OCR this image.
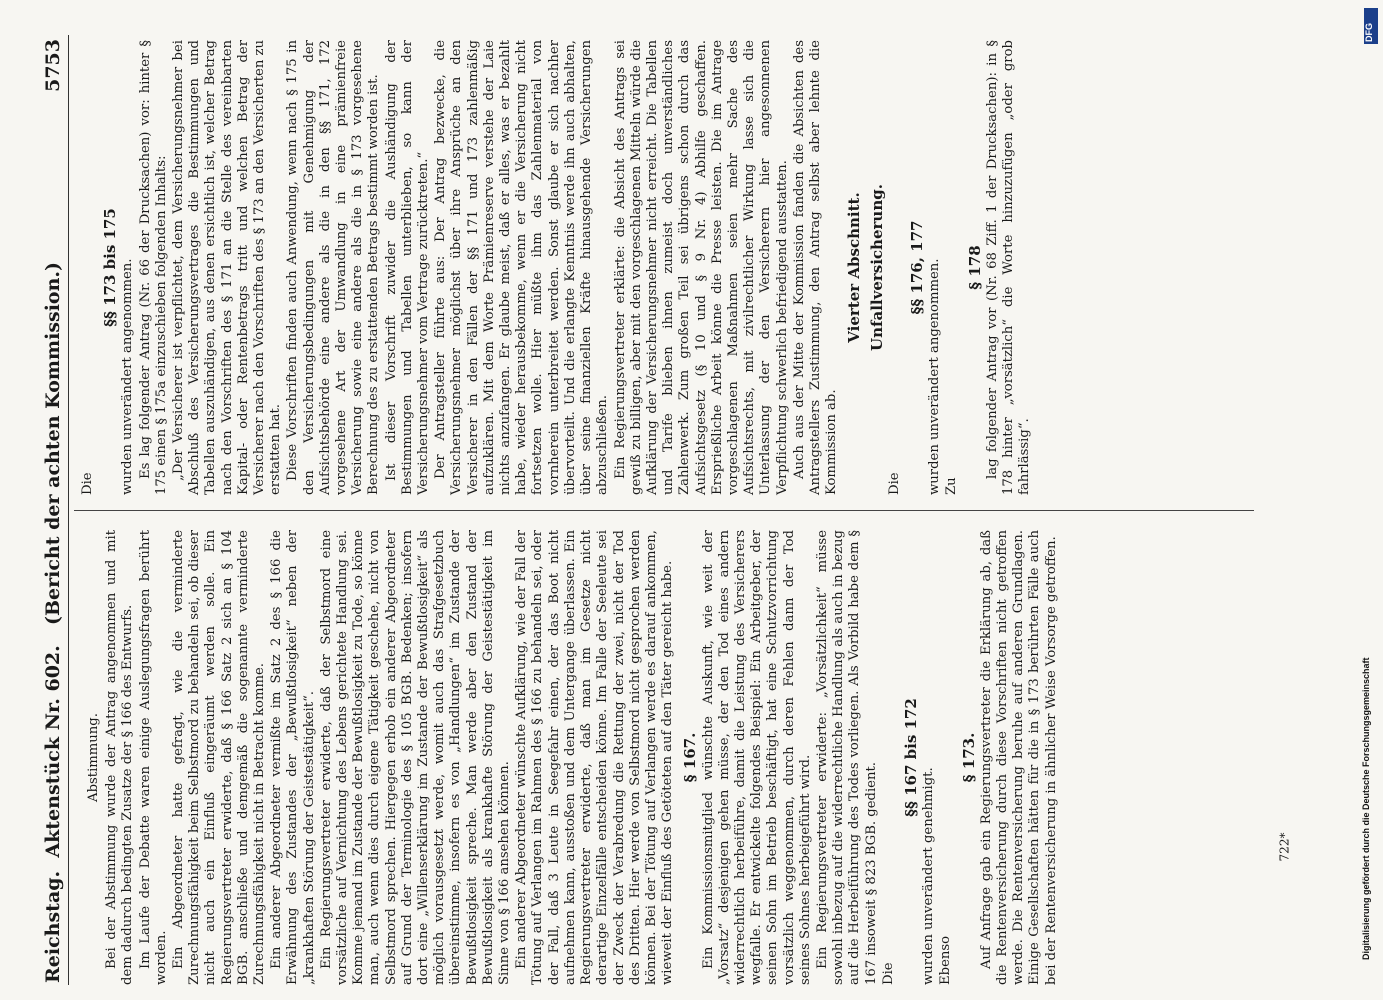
Reichstag.  Aktenstück Nr. 602.
(Bericht der achten Kommission.)
5753

Abstimmung. Bei der Abstimmung wurde der Antrag angenommen und mit dem dadurch bedingten Zusatze der § 166 des Entwurfs. Im Laufe der Debatte waren einige Auslegungsfragen berührt worden. Ein Abgeordneter hatte gefragt, wie die verminderte Zurechnungsfähigkeit beim Selbstmord zu behandeln sei, ob dieser nicht auch ein Einfluß eingeräumt werden solle. Ein Regierungsvertreter erwiderte, daß § 166 Satz 2 sich an § 104 BGB. anschließe und demgemäß die sogenannte verminderte Zurechnungsfähigkeit nicht in Betracht komme. Ein anderer Abgeordneter vermißte im Satz 2 des § 166 die Erwähnung des Zustandes der „Bewußtlosigkeit“ neben der „krankhaften Störung der Geistestätigkeit“. Ein Regierungsvertreter erwiderte, daß der Selbstmord eine vorsätzliche auf Vernichtung des Lebens gerichtete Handlung sei. Komme jemand im Zustande der Bewußtlosigkeit zu Tode, so könne man, auch wenn dies durch eigene Tätigkeit geschehe, nicht von Selbstmord sprechen. Hiergegen erhob ein anderer Abgeordneter auf Grund der Terminologie des § 105 BGB. Bedenken; insofern dort eine „Willenserklärung im Zustande der Bewußtlosigkeit“ als möglich vorausgesetzt werde, womit auch das Strafgesetzbuch übereinstimme, insofern es von „Handlungen“ im Zustande der Bewußtlosigkeit spreche. Man werde aber den Zustand der Bewußtlosigkeit als krankhafte Störung der Geistestätigkeit im Sinne von § 166 ansehen können. Ein anderer Abgeordneter wünschte Aufklärung, wie der Fall der Tötung auf Verlangen im Rahmen des § 166 zu behandeln sei, oder der Fall, daß 3 Leute in Seegefahr einen, der das Boot nicht aufnehmen kann, ausstoßen und dem Untergange überlassen. Ein Regierungsvertreter erwiderte, daß man im Gesetze nicht derartige Einzelfälle entscheiden könne. Im Falle der Seeleute sei der Zweck der Verabredung die Rettung der zwei, nicht der Tod des Dritten. Hier werde von Selbstmord nicht gesprochen werden können. Bei der Tötung auf Verlangen werde es darauf ankommen, wieweit der Einfluß des Getöteten auf den Täter gereicht habe. § 167. Ein Kommissionsmitglied wünschte Auskunft, wie weit der „Vorsatz“ desjenigen gehen müsse, der den Tod eines andern widerrechtlich herbeiführe, damit die Leistung des Versicherers wegfalle. Er entwickelte folgendes Beispiel: Ein Arbeitgeber, der seinen Sohn im Betrieb beschäftigt, hat eine Schutzvorrichtung vorsätzlich weggenommen, durch deren Fehlen dann der Tod seines Sohnes herbeigeführt wird. Ein Regierungsvertreter erwiderte: „Vorsätzlichkeit“ müsse sowohl inbezug auf die widerrechtliche Handlung als auch in bezug auf die Herbeiführung des Todes vorliegen. Als Vorbild habe dem § 167 insoweit § 823 BGB. gedient. Die

§§ 167 bis 172

wurden unverändert genehmigt. Ebenso

§ 173. Auf Anfrage gab ein Regierungsvertreter die Erklärung ab, daß die Rentenversicherung durch diese Vorschriften nicht getroffen werde. Die Rentenversicherung beruhe auf anderen Grundlagen. Einige Gesellschaften hätten für die in § 173 berührten Fälle auch bei der Rentenversicherung in ähnlicher Weise Vorsorge getroffen.

Die

§§ 173 bis 175 wurden unverändert angenommen. Es lag folgender Antrag (Nr. 66 der Drucksachen) vor: hinter § 175 einen § 175a einzuschieben folgenden Inhalts: „Der Versicherer ist verpflichtet, dem Versicherungsnehmer bei Abschluß des Versicherungsvertrages die Bestimmungen und Tabellen auszuhändigen, aus denen ersichtlich ist, welcher Betrag nach den Vorschriften des § 171 an die Stelle des vereinbarten Kapital- oder Rentenbetrags tritt und welchen Betrag der Versicherer nach den Vorschriften des § 173 an den Versicherten zu erstatten hat. Diese Vorschriften finden auch Anwendung, wenn nach § 175 in den Versicherungsbedingungen mit Genehmigung der Aufsichtsbehörde eine andere als die in den §§ 171, 172 vorgesehene Art der Umwandlung in eine prämienfreie Versicherung sowie eine andere als die in § 173 vorgesehene Berechnung des zu erstattenden Betrags bestimmt worden ist. Ist dieser Vorschrift zuwider die Aushändigung der Bestimmungen und Tabellen unterblieben, so kann der Versicherungsnehmer vom Vertrage zurücktreten.“ Der Antragsteller führte aus: Der Antrag bezwecke, die Versicherungsnehmer möglichst über ihre Ansprüche an den Versicherer in den Fällen der §§ 171 und 173 zahlenmäßig aufzuklären. Mit dem Worte Prämienreserve verstehe der Laie nichts anzufangen. Er glaube meist, daß er alles, was er bezahlt habe, wieder herausbekomme, wenn er die Versicherung nicht fortsetzen wolle. Hier müßte ihm das Zahlenmaterial von vornherein unterbreitet werden. Sonst glaube er sich nachher übervorteilt. Und die erlangte Kenntnis werde ihn auch abhalten, über seine finanziellen Kräfte hinausgehende Versicherungen abzuschließen. Ein Regierungsvertreter erklärte: die Absicht des Antrags sei gewiß zu billigen, aber mit den vorgeschlagenen Mitteln würde die Aufklärung der Versicherungsnehmer nicht erreicht. Die Tabellen und Tarife blieben ihnen zumeist doch unverständliches Zahlenwerk. Zum großen Teil sei übrigens schon durch das Aufsichtsgesetz (§ 10 und § 9 Nr. 4) Abhilfe geschaffen. Ersprießliche Arbeit könne die Presse leisten. Die im Antrage vorgeschlagenen Maßnahmen seien mehr Sache des Aufsichtsrechts, mit zivilrechtlicher Wirkung lasse sich die Unterlassung der den Versicherern hier angesonnenen Verpflichtung schwerlich befriedigend ausstatten. Auch aus der Mitte der Kommission fanden die Absichten des Antragstellers Zustimmung, den Antrag selbst aber lehnte die Kommission ab.

Vierter Abschnitt. Unfallversicherung.

Die

§§ 176, 177 wurden unverändert angenommen. Zu

§ 178 lag folgender Antrag vor (Nr. 68 Ziff. 1 der Drucksachen): in § 178 hinter „vorsätzlich“ die Worte hinzuzufügen „oder grob fahrlässig“.

DFG
Digitalisierung gefördert durch die Deutsche Forschungsgemeinschaft
722*
